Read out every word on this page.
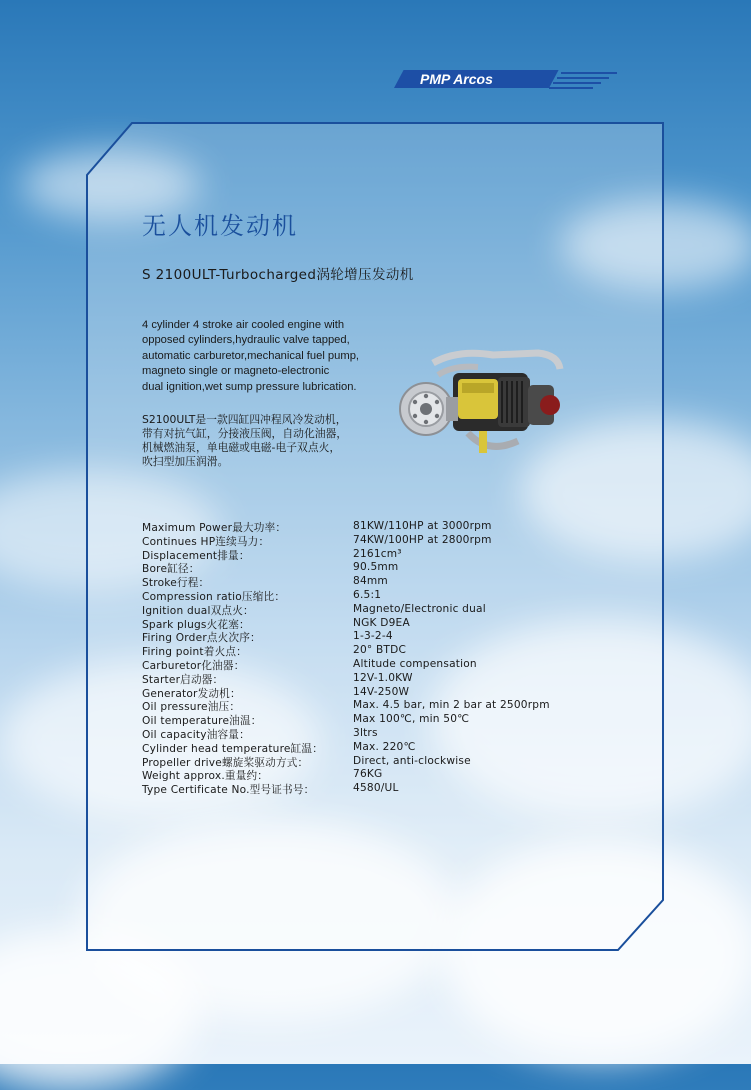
PMP Arcos
无人机发动机
S 2100ULT-Turbocharged涡轮增压发动机
4 cylinder 4 stroke air cooled engine with
opposed cylinders,hydraulic valve tapped,
automatic carburetor,mechanical fuel pump,
magneto single or magneto-electronic
dual ignition,wet sump pressure lubrication.
S2100ULT是一款四缸四冲程风冷发动机，
带有对抗气缸，分接液压阀，自动化油器，
机械燃油泵，单电磁或电磁-电子双点火，
吹扫型加压润滑。
Maximum Power最大功率：	81KW/110HP at 3000rpm
Continues HP连续马力：	74KW/100HP at 2800rpm
Displacement排量：	2161cm³
Bore缸径：	90.5mm
Stroke行程：	84mm
Compression ratio压缩比：	6.5:1
Ignition dual双点火：	Magneto/Electronic dual
Spark plugs火花塞：	NGK D9EA
Firing Order点火次序：	1-3-2-4
Firing point着火点：	20° BTDC
Carburetor化油器：	Altitude compensation
Starter启动器：	12V-1.0KW
Generator发动机：	14V-250W
Oil pressure油压：	Max. 4.5 bar, min 2 bar at 2500rpm
Oil temperature油温：	Max 100℃, min 50℃
Oil capacity油容量：	3ltrs
Cylinder head temperature缸温：	Max. 220℃
Propeller drive螺旋桨驱动方式：	Direct, anti-clockwise
Weight approx.重量约：	76KG
Type Certificate No.型号证书号：	4580/UL
